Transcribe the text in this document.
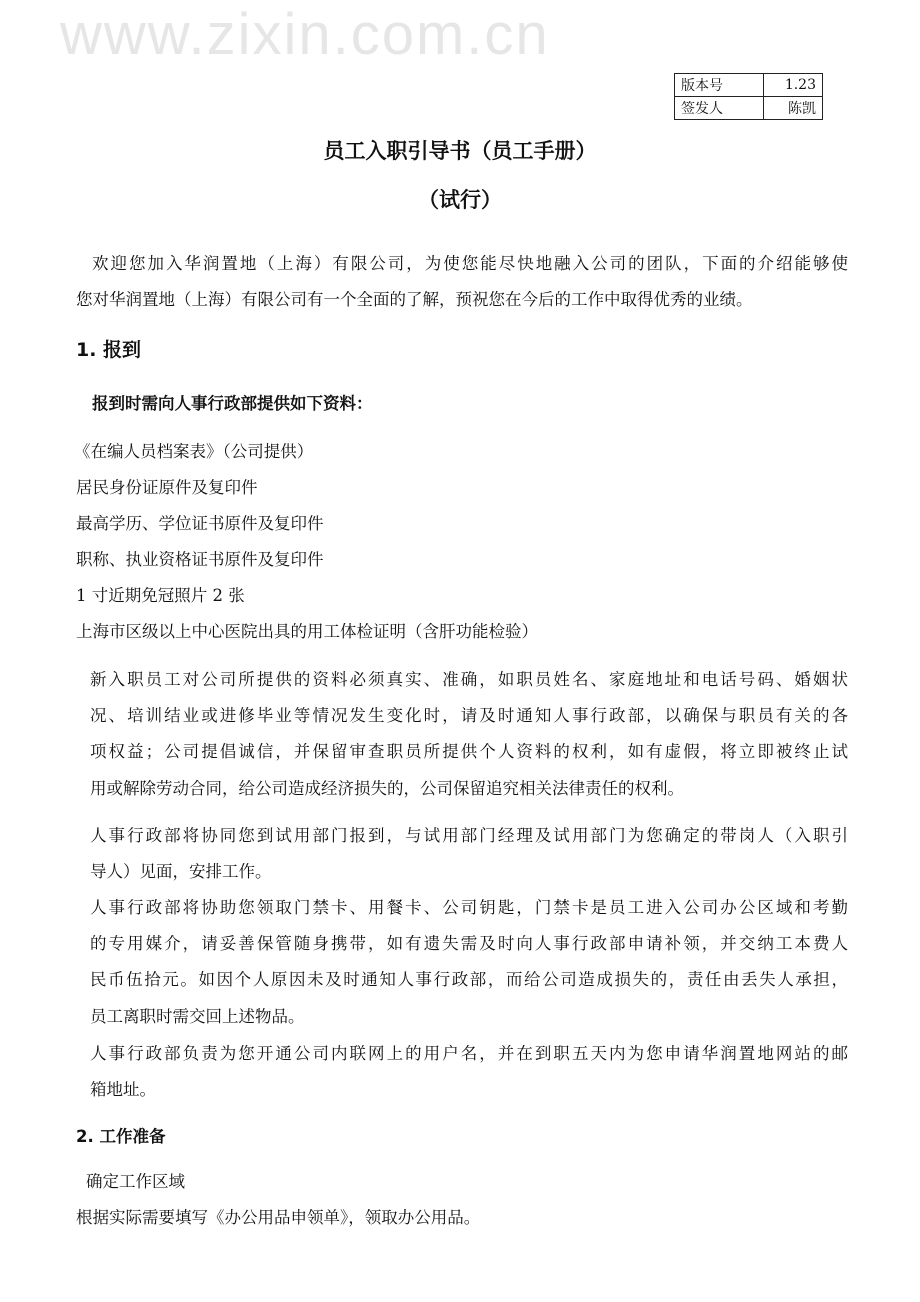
www.zixin.com.cn
版本号	1.23
签发人	陈凯
员工入职引导书（员工手册）
（试行）
欢迎您加入华润置地（上海）有限公司，为使您能尽快地融入公司的团队，下面的介绍能够使
您对华润置地（上海）有限公司有一个全面的了解，预祝您在今后的工作中取得优秀的业绩。
1. 报到
报到时需向人事行政部提供如下资料：
《在编人员档案表》（公司提供）
居民身份证原件及复印件
最高学历、学位证书原件及复印件
职称、执业资格证书原件及复印件
1 寸近期免冠照片 2 张
上海市区级以上中心医院出具的用工体检证明（含肝功能检验）
新入职员工对公司所提供的资料必须真实、准确，如职员姓名、家庭地址和电话号码、婚姻状
况、培训结业或进修毕业等情况发生变化时，请及时通知人事行政部，以确保与职员有关的各
项权益；公司提倡诚信，并保留审查职员所提供个人资料的权利，如有虚假，将立即被终止试
用或解除劳动合同，给公司造成经济损失的，公司保留追究相关法律责任的权利。
人事行政部将协同您到试用部门报到，与试用部门经理及试用部门为您确定的带岗人（入职引
导人）见面，安排工作。
人事行政部将协助您领取门禁卡、用餐卡、公司钥匙，门禁卡是员工进入公司办公区域和考勤
的专用媒介，请妥善保管随身携带，如有遗失需及时向人事行政部申请补领，并交纳工本费人
民币伍拾元。如因个人原因未及时通知人事行政部，而给公司造成损失的，责任由丢失人承担，
员工离职时需交回上述物品。
人事行政部负责为您开通公司内联网上的用户名，并在到职五天内为您申请华润置地网站的邮
箱地址。
2. 工作准备
确定工作区域
根据实际需要填写《办公用品申领单》，领取办公用品。
